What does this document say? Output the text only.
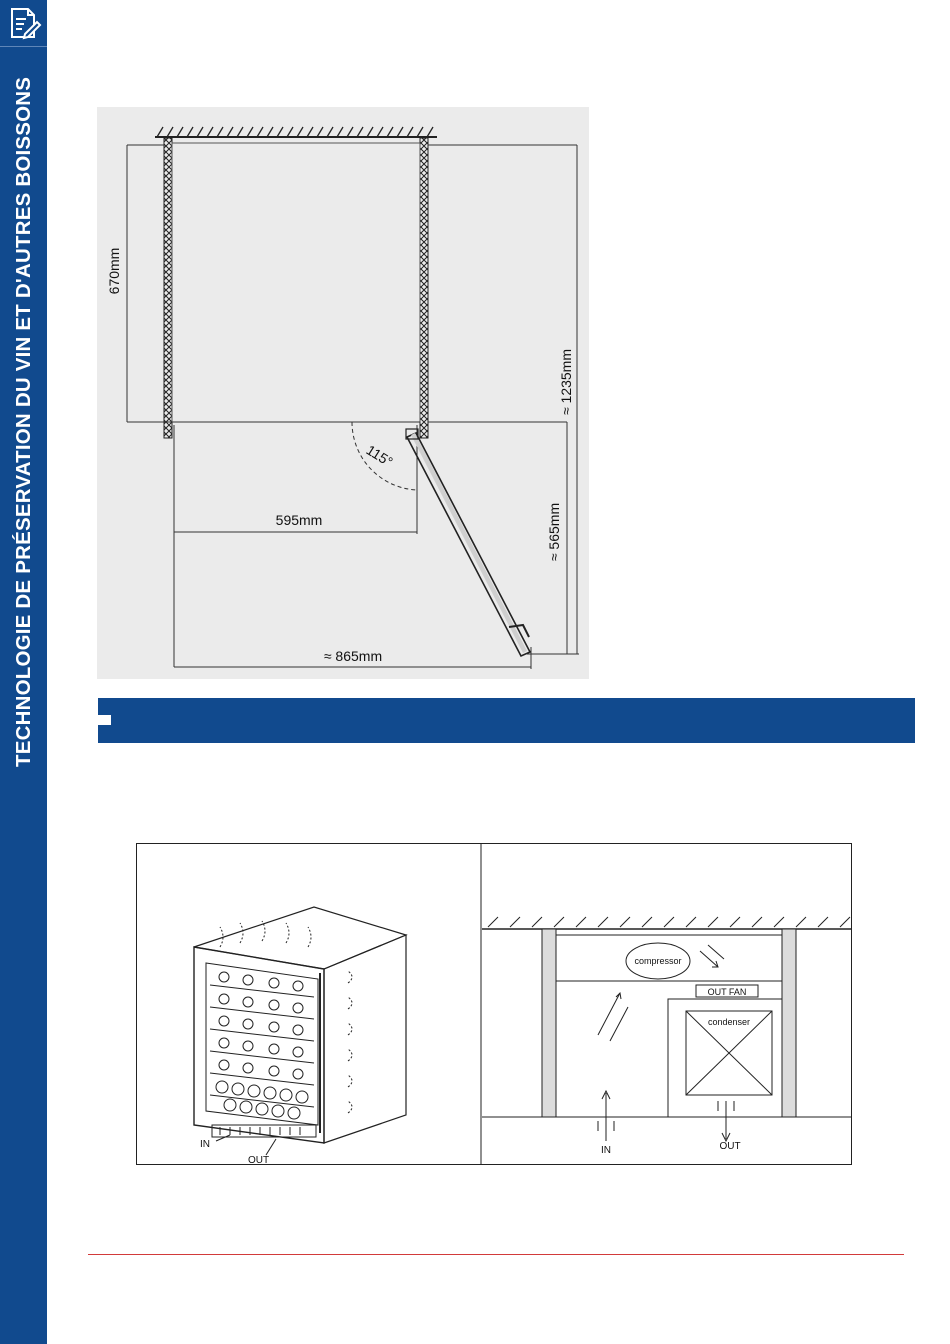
TECHNOLOGIE DE PRÉSERVATION DU VIN ET D'AUTRES BOISSONS	670mm
≈ 1235mm
115°
595mm	≈ 565mm
≈ 865mm
IN
OUT
compressor
OUT FAN
condenser
IN	OUT
